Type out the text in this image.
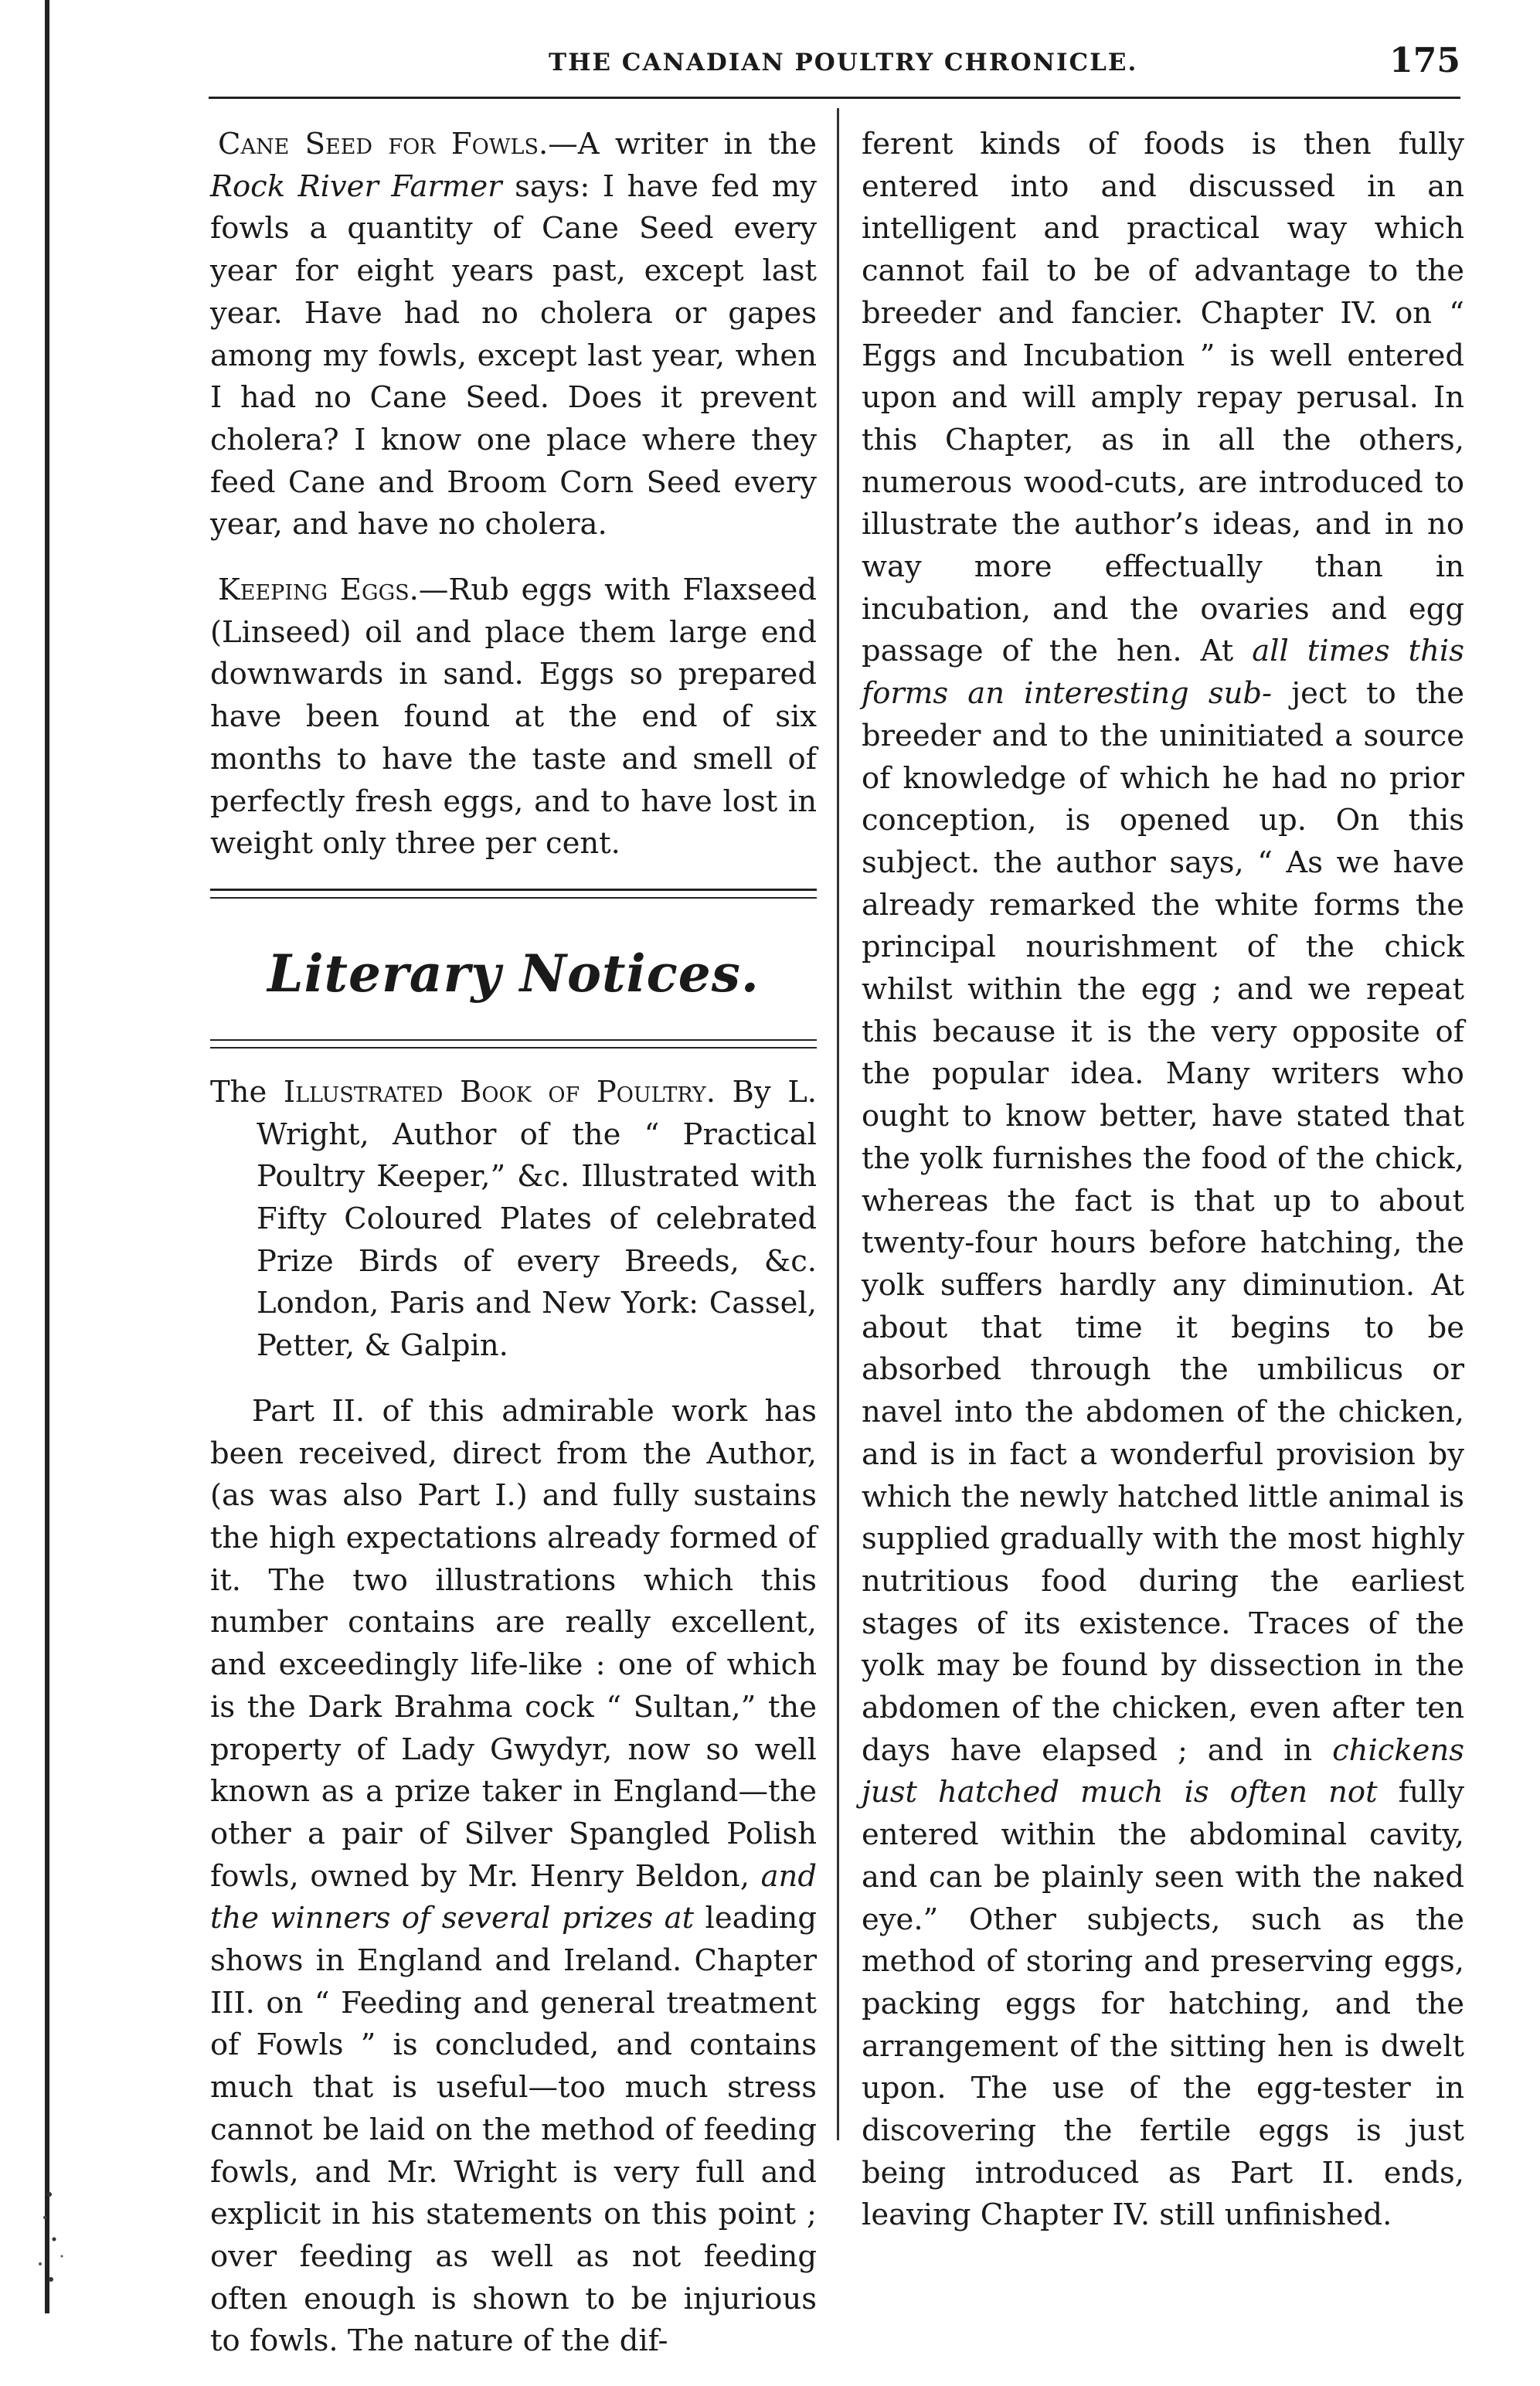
THE CANADIAN POULTRY CHRONICLE.	175

Cane Seed for Fowls.—A writer in the Rock River Farmer says: I have fed my fowls a quantity of Cane Seed every year for eight years past, except last year. Have had no cholera or gapes among my fowls, except last year, when I had no Cane Seed. Does it prevent cholera? I know one place where they feed Cane and Broom Corn Seed every year, and have no cholera.

Keeping Eggs.—Rub eggs with Flaxseed (Linseed) oil and place them large end downwards in sand. Eggs so prepared have been found at the end of six months to have the taste and smell of perfectly fresh eggs, and to have lost in weight only three per cent.

Literary Notices.

The Illustrated Book of Poultry. By L. Wright, Author of the “ Practical Poultry Keeper,” &c. Illustrated with Fifty Coloured Plates of celebrated Prize Birds of every Breeds, &c. London, Paris and New York: Cassel, Petter, & Galpin.

Part II. of this admirable work has been received, direct from the Author, (as was also Part I.) and fully sustains the high expectations already formed of it. The two illustrations which this number contains are really excellent, and exceedingly life-like : one of which is the Dark Brahma cock “ Sultan,” the property of Lady Gwydyr, now so well known as a prize taker in England—the other a pair of Silver Spangled Polish fowls, owned by Mr. Henry Beldon, and the winners of several prizes at leading shows in England and Ireland. Chapter III. on “ Feeding and general treatment of Fowls ” is concluded, and contains much that is useful—too much stress cannot be laid on the method of feeding fowls, and Mr. Wright is very full and explicit in his statements on this point ; over feeding as well as not feeding often enough is shown to be injurious to fowls. The nature of the dif-

ferent kinds of foods is then fully entered into and discussed in an intelligent and practical way which cannot fail to be of advantage to the breeder and fancier. Chapter IV. on “ Eggs and Incubation ” is well entered upon and will amply repay perusal. In this Chapter, as in all the others, numerous wood-cuts, are introduced to illustrate the author’s ideas, and in no way more effectually than in incubation, and the ovaries and egg passage of the hen. At all times this forms an interesting sub- ject to the breeder and to the uninitiated a source of knowledge of which he had no prior conception, is opened up. On this subject. the author says, “ As we have already remarked the white forms the principal nourishment of the chick whilst within the egg ; and we repeat this because it is the very opposite of the popular idea. Many writers who ought to know better, have stated that the yolk furnishes the food of the chick, whereas the fact is that up to about twenty-four hours before hatching, the yolk suffers hardly any diminution. At about that time it begins to be absorbed through the umbilicus or navel into the abdomen of the chicken, and is in fact a wonderful provision by which the newly hatched little animal is supplied gradually with the most highly nutritious food during the earliest stages of its existence. Traces of the yolk may be found by dissection in the abdomen of the chicken, even after ten days have elapsed ; and in chickens just hatched much is often not fully entered within the abdominal cavity, and can be plainly seen with the naked eye.” Other subjects, such as the method of storing and preserving eggs, packing eggs for hatching, and the arrangement of the sitting hen is dwelt upon. The use of the egg-tester in discovering the fertile eggs is just being introduced as Part II. ends, leaving Chapter IV. still unfinished.
